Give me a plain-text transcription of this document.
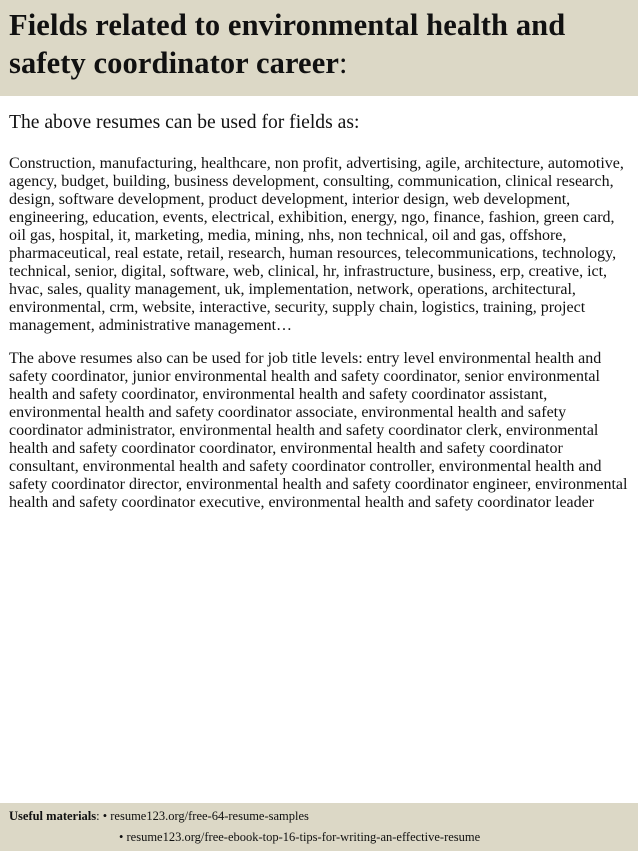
Fields related to environmental health and safety coordinator career:

The above resumes can be used for fields as:

Construction, manufacturing, healthcare, non profit, advertising, agile, architecture, automotive, agency, budget, building, business development, consulting, communication, clinical research, design, software development, product development, interior design, web development, engineering, education, events, electrical, exhibition, energy, ngo, finance, fashion, green card, oil gas, hospital, it, marketing, media, mining, nhs, non technical, oil and gas, offshore, pharmaceutical, real estate, retail, research, human resources, telecommunications, technology, technical, senior, digital, software, web, clinical, hr, infrastructure, business, erp, creative, ict, hvac, sales, quality management, uk, implementation, network, operations, architectural, environmental, crm, website, interactive, security, supply chain, logistics, training, project management, administrative management…

The above resumes also can be used for job title levels: entry level environmental health and safety coordinator, junior environmental health and safety coordinator, senior environmental health and safety coordinator, environmental health and safety coordinator assistant, environmental health and safety coordinator associate, environmental health and safety coordinator administrator, environmental health and safety coordinator clerk, environmental health and safety coordinator coordinator, environmental health and safety coordinator consultant, environmental health and safety coordinator controller, environmental health and safety coordinator director, environmental health and safety coordinator engineer, environmental health and safety coordinator executive, environmental health and safety coordinator leader

Useful materials: • resume123.org/free-64-resume-samples
• resume123.org/free-ebook-top-16-tips-for-writing-an-effective-resume
